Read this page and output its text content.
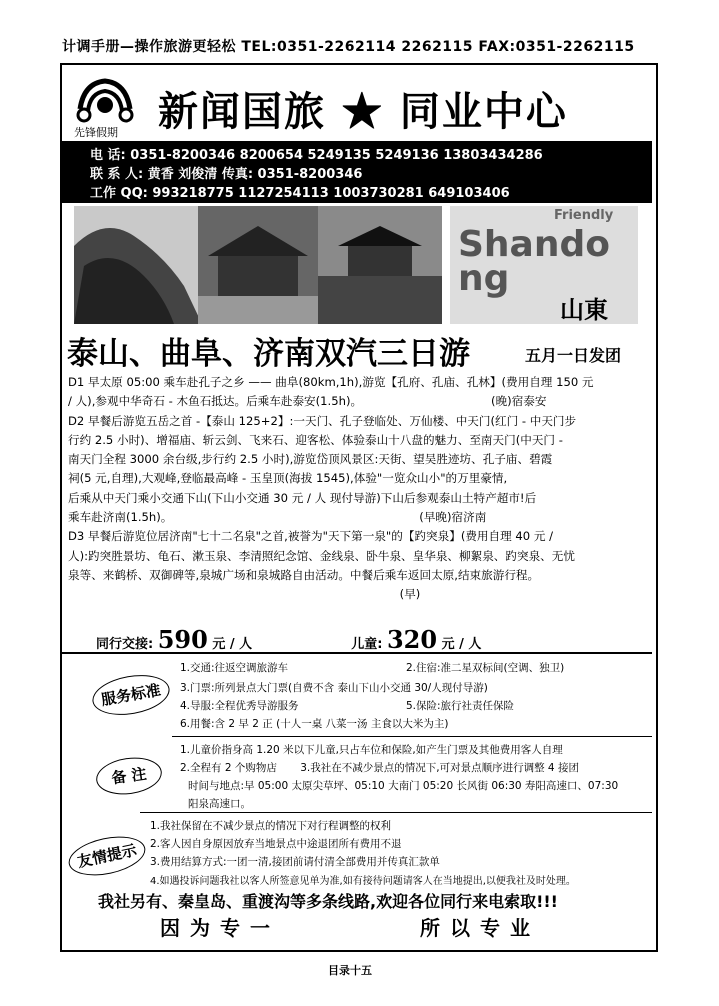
计调手册—操作旅游更轻松 TEL:0351-2262114 2262115 FAX:0351-2262115
先锋假期 新闻国旅 ★ 同业中心
电 话: 0351-8200346 8200654 5249135 5249136 13803434286
联 系 人: 黄香 刘俊清 传真: 0351-8200346
工作 QQ: 993218775 1127254113 1003730281 649103406
Friendly
Shandong
山東
泰山、曲阜、济南双汽三日游	五月一日发团

D1 早太原 05:00 乘车赴孔子之乡 —— 曲阜(80km,1h),游览【孔府、孔庙、孔林】(费用自理 150 元

/ 人),参观中华奇石 - 木鱼石抵达。后乘车赴泰安(1.5h)。                                   (晚)宿泰安

D2 早餐后游览五岳之首 -【泰山 125+2】:一天门、孔子登临处、万仙楼、中天门(红门 - 中天门步

行约 2.5 小时)、增福庙、斩云剑、飞来石、迎客松、体验泰山十八盘的魅力、至南天门(中天门 -

南天门全程 3000 余台级,步行约 2.5 小时),游览岱顶风景区:天街、望吴胜迹坊、孔子庙、碧霞

祠(5 元,自理),大观峰,登临最高峰 - 玉皇顶(海拔 1545),体验"一览众山小"的万里豪情,

后乘从中天门乘小交通下山(下山小交通 30 元 / 人 现付导游)下山后参观泰山土特产超市!后

乘车赴济南(1.5h)。                                                                   (早晚)宿济南

D3 早餐后游览位居济南"七十二名泉"之首,被誉为"天下第一泉"的【趵突泉】(费用自理 40 元 /

人):趵突胜景坊、龟石、漱玉泉、李清照纪念馆、金线泉、卧牛泉、皇华泉、柳絮泉、趵突泉、无忧

泉等、来鹤桥、双御碑等,泉城广场和泉城路自由活动。中餐后乘车返回太原,结束旅游行程。

(早)

同行交接: 590 元 / 人	儿童: 320 元 / 人
服务标准
1.交通:往返空调旅游车	2.住宿:准二星双标间(空调、独卫)
3.门票:所列景点大门票(自费不含 泰山下山小交通 30/人现付导游)
4.导服:全程优秀导游服务	5.保险:旅行社责任保险
6.用餐:含 2 早 2 正 (十人一桌 八菜一汤 主食以大米为主)
备 注
1.儿童价指身高 1.20 米以下儿童,只占车位和保险,如产生门票及其他费用客人自理
2.全程有 2 个购物店       3.我社在不减少景点的情况下,可对景点顺序进行调整 4 接团
时间与地点:早 05:00 太原尖草坪、05:10 大南门 05:20 长风街 06:30 寿阳高速口、07:30
阳泉高速口。
友情提示
1.我社保留在不减少景点的情况下对行程调整的权利
2.客人因自身原因放弃当地景点中途退团所有费用不退
3.费用结算方式:一团一清,接团前请付清全部费用并传真汇款单
4.如遇投诉问题我社以客人所签意见单为准,如有接待问题请客人在当地提出,以便我社及时处理。
我社另有、秦皇岛、重渡沟等多条线路,欢迎各位同行来电索取!!!
因为专一	所以专业
目录十五
